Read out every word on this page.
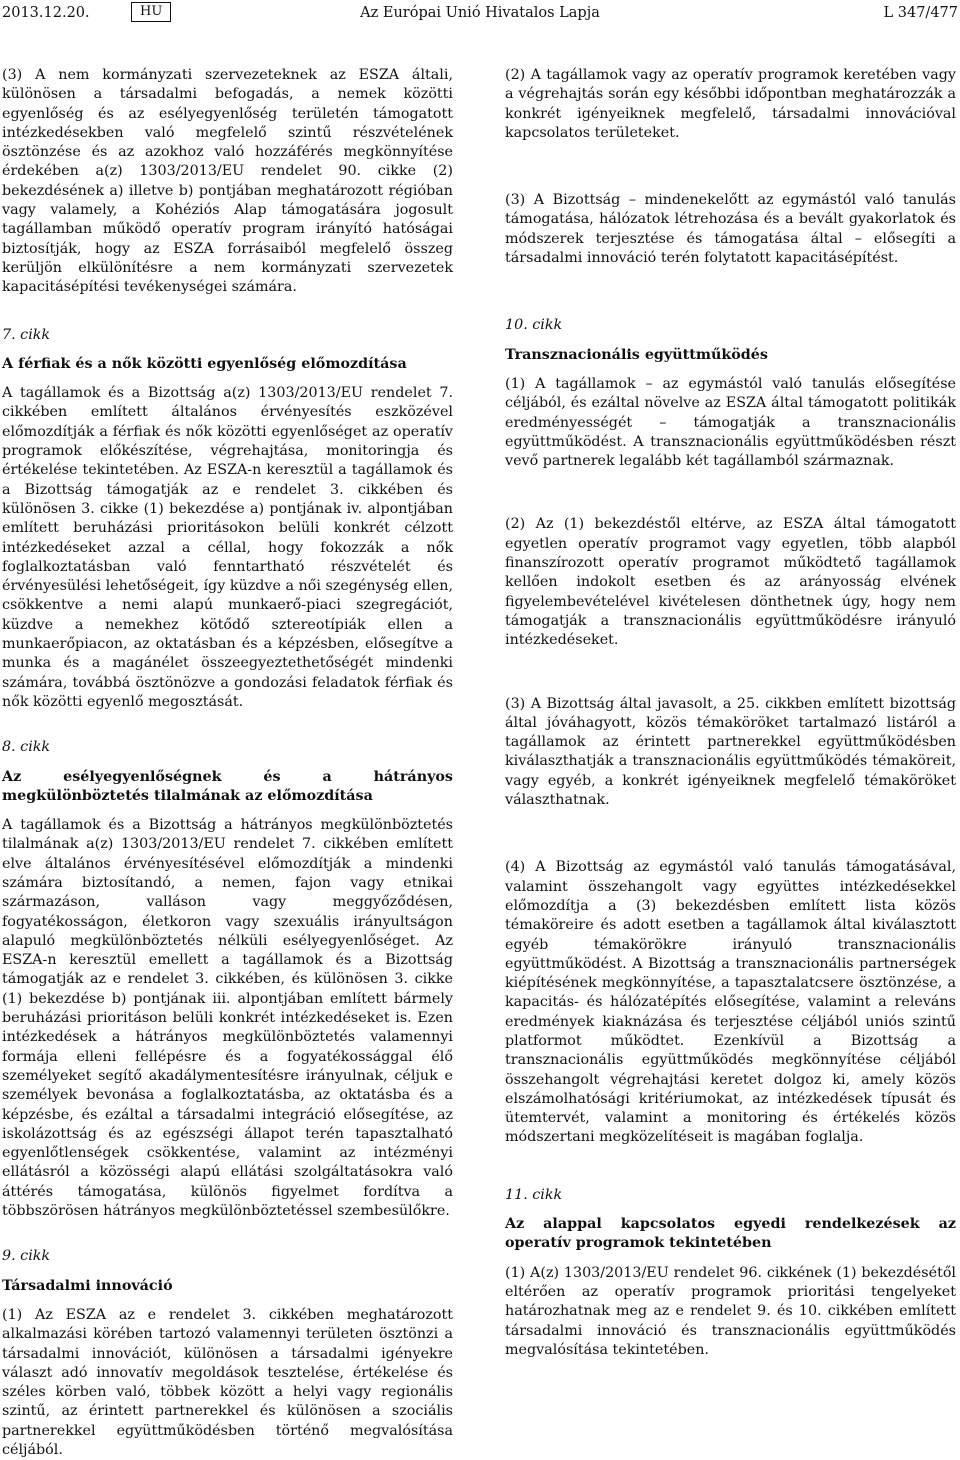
2013.12.20.	HU	Az Európai Unió Hivatalos Lapja	L 347/477

(3) A nem kormányzati szervezeteknek az ESZA általi, különösen a társadalmi befogadás, a nemek közötti egyenlőség és az esélyegyenlőség területén támogatott intézkedésekben való megfelelő szintű részvételének ösztönzése és az azokhoz való hozzáférés megkönnyítése érdekében a(z) 1303/2013/EU rendelet 90. cikke (2) bekezdésének a) illetve b) pontjában meghatározott régióban vagy valamely, a Kohéziós Alap támogatására jogosult tagállamban működő operatív program irányító hatóságai biztosítják, hogy az ESZA forrásaiból megfelelő összeg kerüljön elkülönítésre a nem kormányzati szervezetek kapacitásépítési tevékenységei számára.

7. cikk

A férfiak és a nők közötti egyenlőség előmozdítása

A tagállamok és a Bizottság a(z) 1303/2013/EU rendelet 7. cikkében említett általános érvényesítés eszközével előmozdítják a férfiak és nők közötti egyenlőséget az operatív programok előkészítése, végrehajtása, monitoringja és értékelése tekintetében. Az ESZA-n keresztül a tagállamok és a Bizottság támogatják az e rendelet 3. cikkében és különösen 3. cikke (1) bekezdése a) pontjának iv. alpontjában említett beruházási prioritásokon belüli konkrét célzott intézkedéseket azzal a céllal, hogy fokozzák a nők foglalkoztatásban való fenntartható részvételét és érvényesülési lehetőségeit, így küzdve a női szegénység ellen, csökkentve a nemi alapú munkaerő-piaci szegregációt, küzdve a nemekhez kötődő sztereotípiák ellen a munkaerőpiacon, az oktatásban és a képzésben, elősegítve a munka és a magánélet összeegyeztethetőségét mindenki számára, továbbá ösztönözve a gondozási feladatok férfiak és nők közötti egyenlő megosztását.

8. cikk

Az esélyegyenlőségnek és a hátrányos megkülönböztetés tilalmának az előmozdítása

A tagállamok és a Bizottság a hátrányos megkülönböztetés tilalmának a(z) 1303/2013/EU rendelet 7. cikkében említett elve általános érvényesítésével előmozdítják a mindenki számára biztosítandó, a nemen, fajon vagy etnikai származáson, valláson vagy meggyőződésen, fogyatékosságon, életkoron vagy szexuális irányultságon alapuló megkülönböztetés nélküli esélyegyenlőséget. Az ESZA-n keresztül emellett a tagállamok és a Bizottság támogatják az e rendelet 3. cikkében, és különösen 3. cikke (1) bekezdése b) pontjának iii. alpontjában említett bármely beruházási prioritáson belüli konkrét intézkedéseket is. Ezen intézkedések a hátrányos megkülönböztetés valamennyi formája elleni fellépésre és a fogyatékossággal élő személyeket segítő akadálymentesítésre irányulnak, céljuk e személyek bevonása a foglalkoztatásba, az oktatásba és a képzésbe, és ezáltal a társadalmi integráció elősegítése, az iskolázottság és az egészségi állapot terén tapasztalható egyenlőtlenségek csökkentése, valamint az intézményi ellátásról a közösségi alapú ellátási szolgáltatásokra való áttérés támogatása, különös figyelmet fordítva a többszörösen hátrányos megkülönböztetéssel szembesülőkre.

9. cikk

Társadalmi innováció

(1) Az ESZA az e rendelet 3. cikkében meghatározott alkalmazási körében tartozó valamennyi területen ösztönzi a társadalmi innovációt, különösen a társadalmi igényekre választ adó innovatív megoldások tesztelése, értékelése és széles körben való, többek között a helyi vagy regionális szintű, az érintett partnerekkel és különösen a szociális partnerekkel együttműködésben történő megvalósítása céljából.

(2) A tagállamok vagy az operatív programok keretében vagy a végrehajtás során egy későbbi időpontban meghatározzák a konkrét igényeiknek megfelelő, társadalmi innovációval kapcsolatos területeket.

(3) A Bizottság – mindenekelőtt az egymástól való tanulás támogatása, hálózatok létrehozása és a bevált gyakorlatok és módszerek terjesztése és támogatása által – elősegíti a társadalmi innováció terén folytatott kapacitásépítést.

10. cikk

Transznacionális együttműködés

(1) A tagállamok – az egymástól való tanulás elősegítése céljából, és ezáltal növelve az ESZA által támogatott politikák eredményességét – támogatják a transznacionális együttműködést. A transznacionális együttműködésben részt vevő partnerek legalább két tagállamból származnak.

(2) Az (1) bekezdéstől eltérve, az ESZA által támogatott egyetlen operatív programot vagy egyetlen, több alapból finanszírozott operatív programot működtető tagállamok kellően indokolt esetben és az arányosság elvének figyelembevételével kivételesen dönthetnek úgy, hogy nem támogatják a transznacionális együttműködésre irányuló intézkedéseket.

(3) A Bizottság által javasolt, a 25. cikkben említett bizottság által jóváhagyott, közös témaköröket tartalmazó listáról a tagállamok az érintett partnerekkel együttműködésben kiválaszthatják a transznacionális együttműködés témaköreit, vagy egyéb, a konkrét igényeiknek megfelelő témaköröket választhatnak.

(4) A Bizottság az egymástól való tanulás támogatásával, valamint összehangolt vagy együttes intézkedésekkel előmozdítja a (3) bekezdésben említett lista közös témaköreire és adott esetben a tagállamok által kiválasztott egyéb témakörökre irányuló transznacionális együttműködést. A Bizottság a transznacionális partnerségek kiépítésének megkönnyítése, a tapasztalatcsere ösztönzése, a kapacitás- és hálózatépítés elősegítése, valamint a releváns eredmények kiaknázása és terjesztése céljából uniós szintű platformot működtet. Ezenkívül a Bizottság a transznacionális együttműködés megkönnyítése céljából összehangolt végrehajtási keretet dolgoz ki, amely közös elszámolhatósági kritériumokat, az intézkedések típusát és ütemtervét, valamint a monitoring és értékelés közös módszertani megközelítéseit is magában foglalja.

11. cikk

Az alappal kapcsolatos egyedi rendelkezések az operatív programok tekintetében

(1) A(z) 1303/2013/EU rendelet 96. cikkének (1) bekezdésétől eltérően az operatív programok prioritási tengelyeket határozhatnak meg az e rendelet 9. és 10. cikkében említett társadalmi innováció és transznacionális együttműködés megvalósítása tekintetében.
